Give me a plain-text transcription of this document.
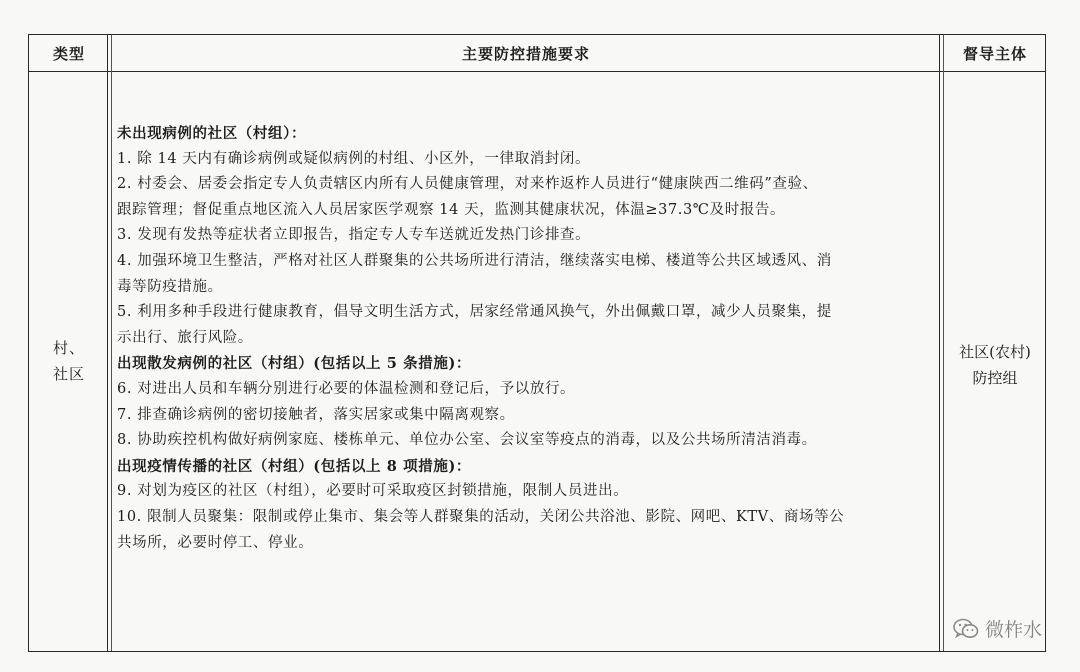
类型	主要防控措施要求	督导主体
村、
社区
社区(农村)
防控组

未出现病例的社区（村组）：

1. 除 14 天内有确诊病例或疑似病例的村组、小区外，一律取消封闭。

2. 村委会、居委会指定专人负责辖区内所有人员健康管理，对来柞返柞人员进行“健康陕西二维码”查验、

跟踪管理；督促重点地区流入人员居家医学观察 14 天，监测其健康状况，体温≥37.3℃及时报告。

3. 发现有发热等症状者立即报告，指定专人专车送就近发热门诊排查。

4. 加强环境卫生整洁，严格对社区人群聚集的公共场所进行清洁，继续落实电梯、楼道等公共区域透风、消

毒等防疫措施。

5. 利用多种手段进行健康教育，倡导文明生活方式，居家经常通风换气，外出佩戴口罩，减少人员聚集，提

示出行、旅行风险。

出现散发病例的社区（村组）(包括以上 5 条措施)：

6. 对进出人员和车辆分别进行必要的体温检测和登记后，予以放行。

7. 排查确诊病例的密切接触者，落实居家或集中隔离观察。

8. 协助疾控机构做好病例家庭、楼栋单元、单位办公室、会议室等疫点的消毒，以及公共场所清洁消毒。

出现疫情传播的社区（村组）(包括以上 8 项措施)：

9. 对划为疫区的社区（村组），必要时可采取疫区封锁措施，限制人员进出。

10. 限制人员聚集：限制或停止集市、集会等人群聚集的活动，关闭公共浴池、影院、网吧、KTV、商场等公

共场所，必要时停工、停业。

微柞水
